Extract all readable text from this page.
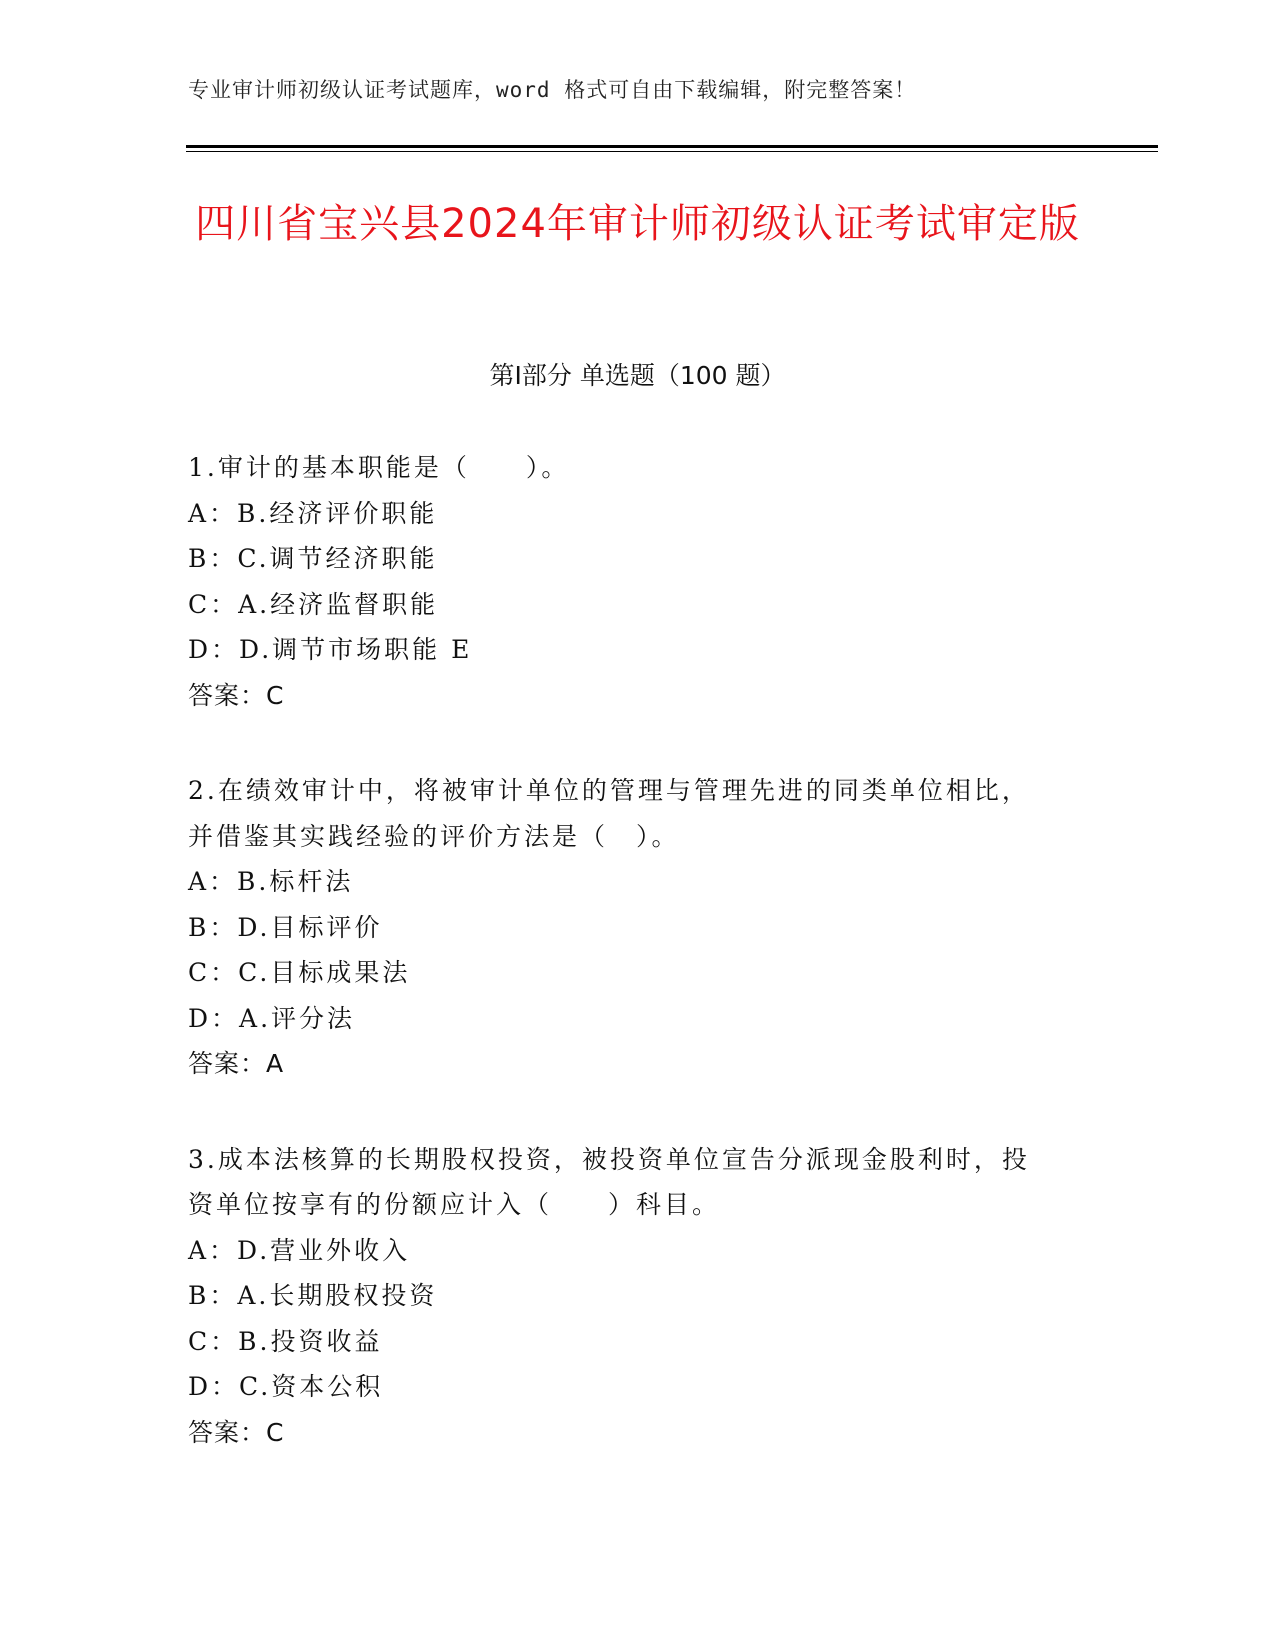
专业审计师初级认证考试题库，word 格式可自由下载编辑，附完整答案！
四川省宝兴县2024年审计师初级认证考试审定版
第Ⅰ部分 单选题（100 题）
1.审计的基本职能是（　　）。
A：B.经济评价职能
B：C.调节经济职能
C：A.经济监督职能
D：D.调节市场职能 E
答案：C
2.在绩效审计中，将被审计单位的管理与管理先进的同类单位相比，
并借鉴其实践经验的评价方法是（　）。
A：B.标杆法
B：D.目标评价
C：C.目标成果法
D：A.评分法
答案：A
3.成本法核算的长期股权投资，被投资单位宣告分派现金股利时，投
资单位按享有的份额应计入（　　）科目。
A：D.营业外收入
B：A.长期股权投资
C：B.投资收益
D：C.资本公积
答案：C
